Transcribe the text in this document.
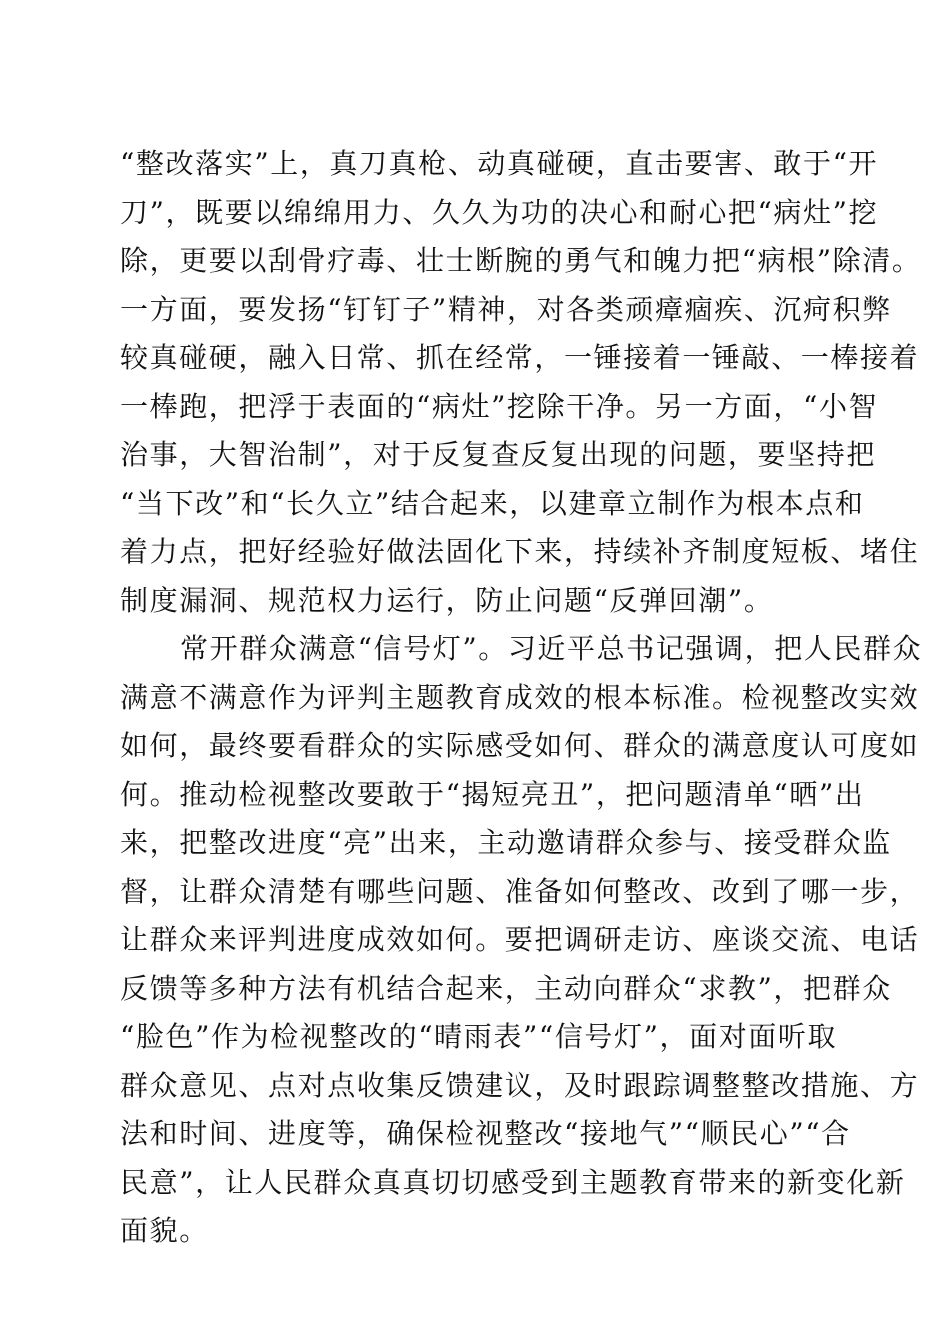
“整改落实”上，真刀真枪、动真碰硬，直击要害、敢于“开
刀”，既要以绵绵用力、久久为功的决心和耐心把“病灶”挖
除，更要以刮骨疗毒、壮士断腕的勇气和魄力把“病根”除清。
一方面，要发扬“钉钉子”精神，对各类顽瘴痼疾、沉疴积弊
较真碰硬，融入日常、抓在经常，一锤接着一锤敲、一棒接着
一棒跑，把浮于表面的“病灶”挖除干净。另一方面，“小智
治事，大智治制”，对于反复查反复出现的问题，要坚持把
“当下改”和“长久立”结合起来，以建章立制作为根本点和
着力点，把好经验好做法固化下来，持续补齐制度短板、堵住
制度漏洞、规范权力运行，防止问题“反弹回潮”。
常开群众满意“信号灯”。习近平总书记强调，把人民群众
满意不满意作为评判主题教育成效的根本标准。检视整改实效
如何，最终要看群众的实际感受如何、群众的满意度认可度如
何。推动检视整改要敢于“揭短亮丑”，把问题清单“晒”出
来，把整改进度“亮”出来，主动邀请群众参与、接受群众监
督，让群众清楚有哪些问题、准备如何整改、改到了哪一步，
让群众来评判进度成效如何。要把调研走访、座谈交流、电话
反馈等多种方法有机结合起来，主动向群众“求教”，把群众
“脸色”作为检视整改的“晴雨表”“信号灯”，面对面听取
群众意见、点对点收集反馈建议，及时跟踪调整整改措施、方
法和时间、进度等，确保检视整改“接地气”“顺民心”“合
民意”，让人民群众真真切切感受到主题教育带来的新变化新
面貌。
